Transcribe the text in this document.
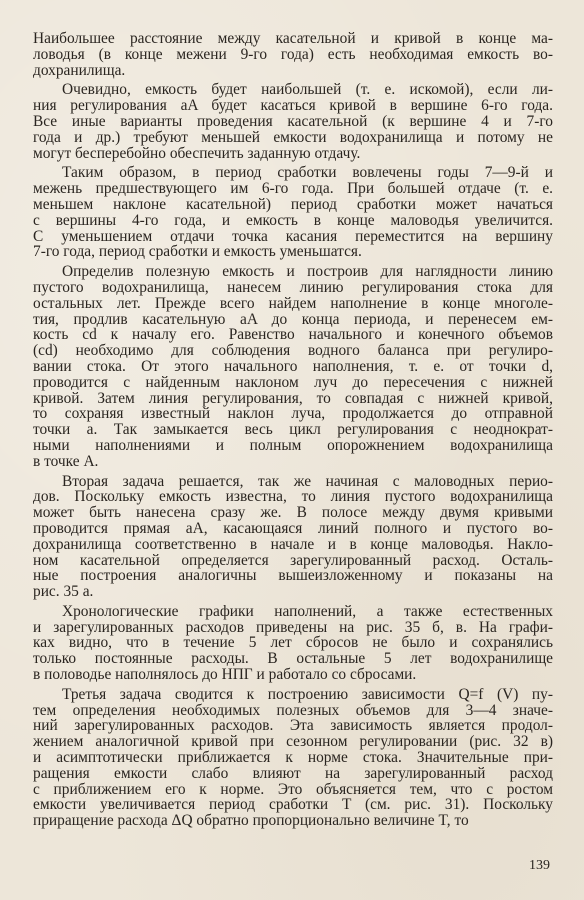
Наибольшее расстояние между касательной и кривой в конце ма-
ловодья (в конце межени 9-го года) есть необходимая емкость во-
дохранилища.
Очевидно, емкость будет наибольшей (т. е. искомой), если ли-
ния регулирования aA будет касаться кривой в вершине 6-го года.
Все иные варианты проведения касательной (к вершине 4 и 7-го
года и др.) требуют меньшей емкости водохранилища и потому не
могут бесперебойно обеспечить заданную отдачу.
Таким образом, в период сработки вовлечены годы 7—9-й и
межень предшествующего им 6-го года. При большей отдаче (т. е.
меньшем наклоне касательной) период сработки может начаться
с вершины 4-го года, и емкость в конце маловодья увеличится.
С уменьшением отдачи точка касания переместится на вершину
7-го года, период сработки и емкость уменьшатся.
Определив полезную емкость и построив для наглядности линию
пустого водохранилища, нанесем линию регулирования стока для
остальных лет. Прежде всего найдем наполнение в конце многоле-
тия, продлив касательную aA до конца периода, и перенесем ем-
кость cd к началу его. Равенство начального и конечного объемов
(cd) необходимо для соблюдения водного баланса при регулиро-
вании стока. От этого начального наполнения, т. е. от точки d,
проводится с найденным наклоном луч до пересечения с нижней
кривой. Затем линия регулирования, то совпадая с нижней кривой,
то сохраняя известный наклон луча, продолжается до отправной
точки a. Так замыкается весь цикл регулирования с неоднократ-
ными наполнениями и полным опорожнением водохранилища
в точке A.
Вторая задача решается, так же начиная с маловодных перио-
дов. Поскольку емкость известна, то линия пустого водохранилища
может быть нанесена сразу же. В полосе между двумя кривыми
проводится прямая aA, касающаяся линий полного и пустого во-
дохранилища соответственно в начале и в конце маловодья. Накло-
ном касательной определяется зарегулированный расход. Осталь-
ные построения аналогичны вышеизложенному и показаны на
рис. 35 a.
Хронологические графики наполнений, а также естественных
и зарегулированных расходов приведены на рис. 35 б, в. На графи-
ках видно, что в течение 5 лет сбросов не было и сохранялись
только постоянные расходы. В остальные 5 лет водохранилище
в половодье наполнялось до НПГ и работало со сбросами.
Третья задача сводится к построению зависимости Q=f (V) пу-
тем определения необходимых полезных объемов для 3—4 значе-
ний зарегулированных расходов. Эта зависимость является продол-
жением аналогичной кривой при сезонном регулировании (рис. 32 в)
и асимптотически приближается к норме стока. Значительные при-
ращения емкости слабо влияют на зарегулированный расход
с приближением его к норме. Это объясняется тем, что с ростом
емкости увеличивается период сработки T (см. рис. 31). Поскольку
приращение расхода ΔQ обратно пропорционально величине T, то
139
